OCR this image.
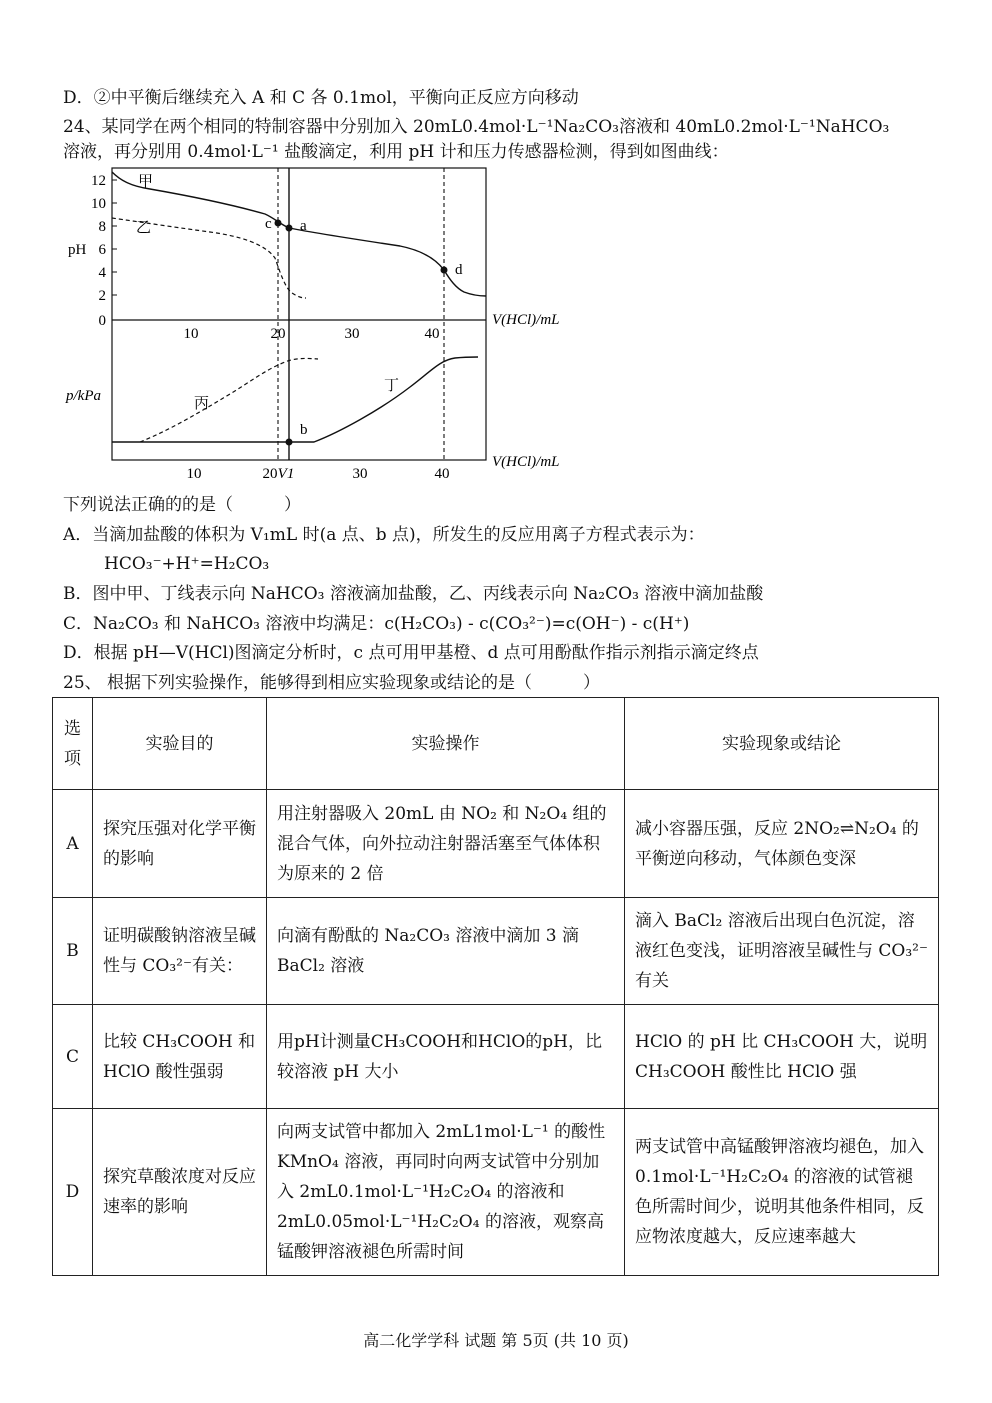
D．②中平衡后继续充入 A 和 C 各 0.1mol，平衡向正反应方向移动
24、某同学在两个相同的特制容器中分别加入 20mL0.4mol·L⁻¹Na₂CO₃溶液和 40mL0.2mol·L⁻¹NaHCO₃
溶液，再分别用 0.4mol·L⁻¹ 盐酸滴定，利用 pH 计和压力传感器检测，得到如图曲线：
12
10
8
6
4
2
0
pH
10	20	30	40
V(HCl)/mL
c a
d
b
甲
乙
丙
丁
p/kPa
10	20 V1	30	40
V(HCl)/mL
下列说法正确的的是（　　　）
A．当滴加盐酸的体积为 V₁mL 时(a 点、b 点)，所发生的反应用离子方程式表示为：
HCO₃⁻+H⁺=H₂CO₃
B．图中甲、丁线表示向 NaHCO₃ 溶液滴加盐酸，乙、丙线表示向 Na₂CO₃ 溶液中滴加盐酸
C．Na₂CO₃ 和 NaHCO₃ 溶液中均满足：c(H₂CO₃) - c(CO₃²⁻)=c(OH⁻) - c(H⁺)
D．根据 pH—V(HCl)图滴定分析时，c 点可用甲基橙、d 点可用酚酞作指示剂指示滴定终点
25、 根据下列实验操作，能够得到相应实验现象或结论的是（　　　）
选项	实验目的	实验操作	实验现象或结论
A	探究压强对化学平衡的影响	用注射器吸入 20mL 由 NO₂ 和 N₂O₄ 组的混合气体，向外拉动注射器活塞至气体体积为原来的 2 倍	减小容器压强，反应 2NO₂⇌N₂O₄ 的平衡逆向移动，气体颜色变深
B	证明碳酸钠溶液呈碱性与 CO₃²⁻有关：	向滴有酚酞的 Na₂CO₃ 溶液中滴加 3 滴 BaCl₂ 溶液	滴入 BaCl₂ 溶液后出现白色沉淀，溶液红色变浅，证明溶液呈碱性与 CO₃²⁻有关
C	比较 CH₃COOH 和 HClO 酸性强弱	用pH计测量CH₃COOH和HClO的pH，比较溶液 pH 大小	HClO 的 pH 比 CH₃COOH 大，说明 CH₃COOH 酸性比 HClO 强
D	探究草酸浓度对反应速率的影响	向两支试管中都加入 2mL1mol·L⁻¹ 的酸性 KMnO₄ 溶液，再同时向两支试管中分别加入 2mL0.1mol·L⁻¹H₂C₂O₄ 的溶液和 2mL0.05mol·L⁻¹H₂C₂O₄ 的溶液，观察高锰酸钾溶液褪色所需时间	两支试管中高锰酸钾溶液均褪色，加入 0.1mol·L⁻¹H₂C₂O₄ 的溶液的试管褪色所需时间少，说明其他条件相同，反应物浓度越大，反应速率越大
高二化学学科 试题 第 5页 (共 10 页)
